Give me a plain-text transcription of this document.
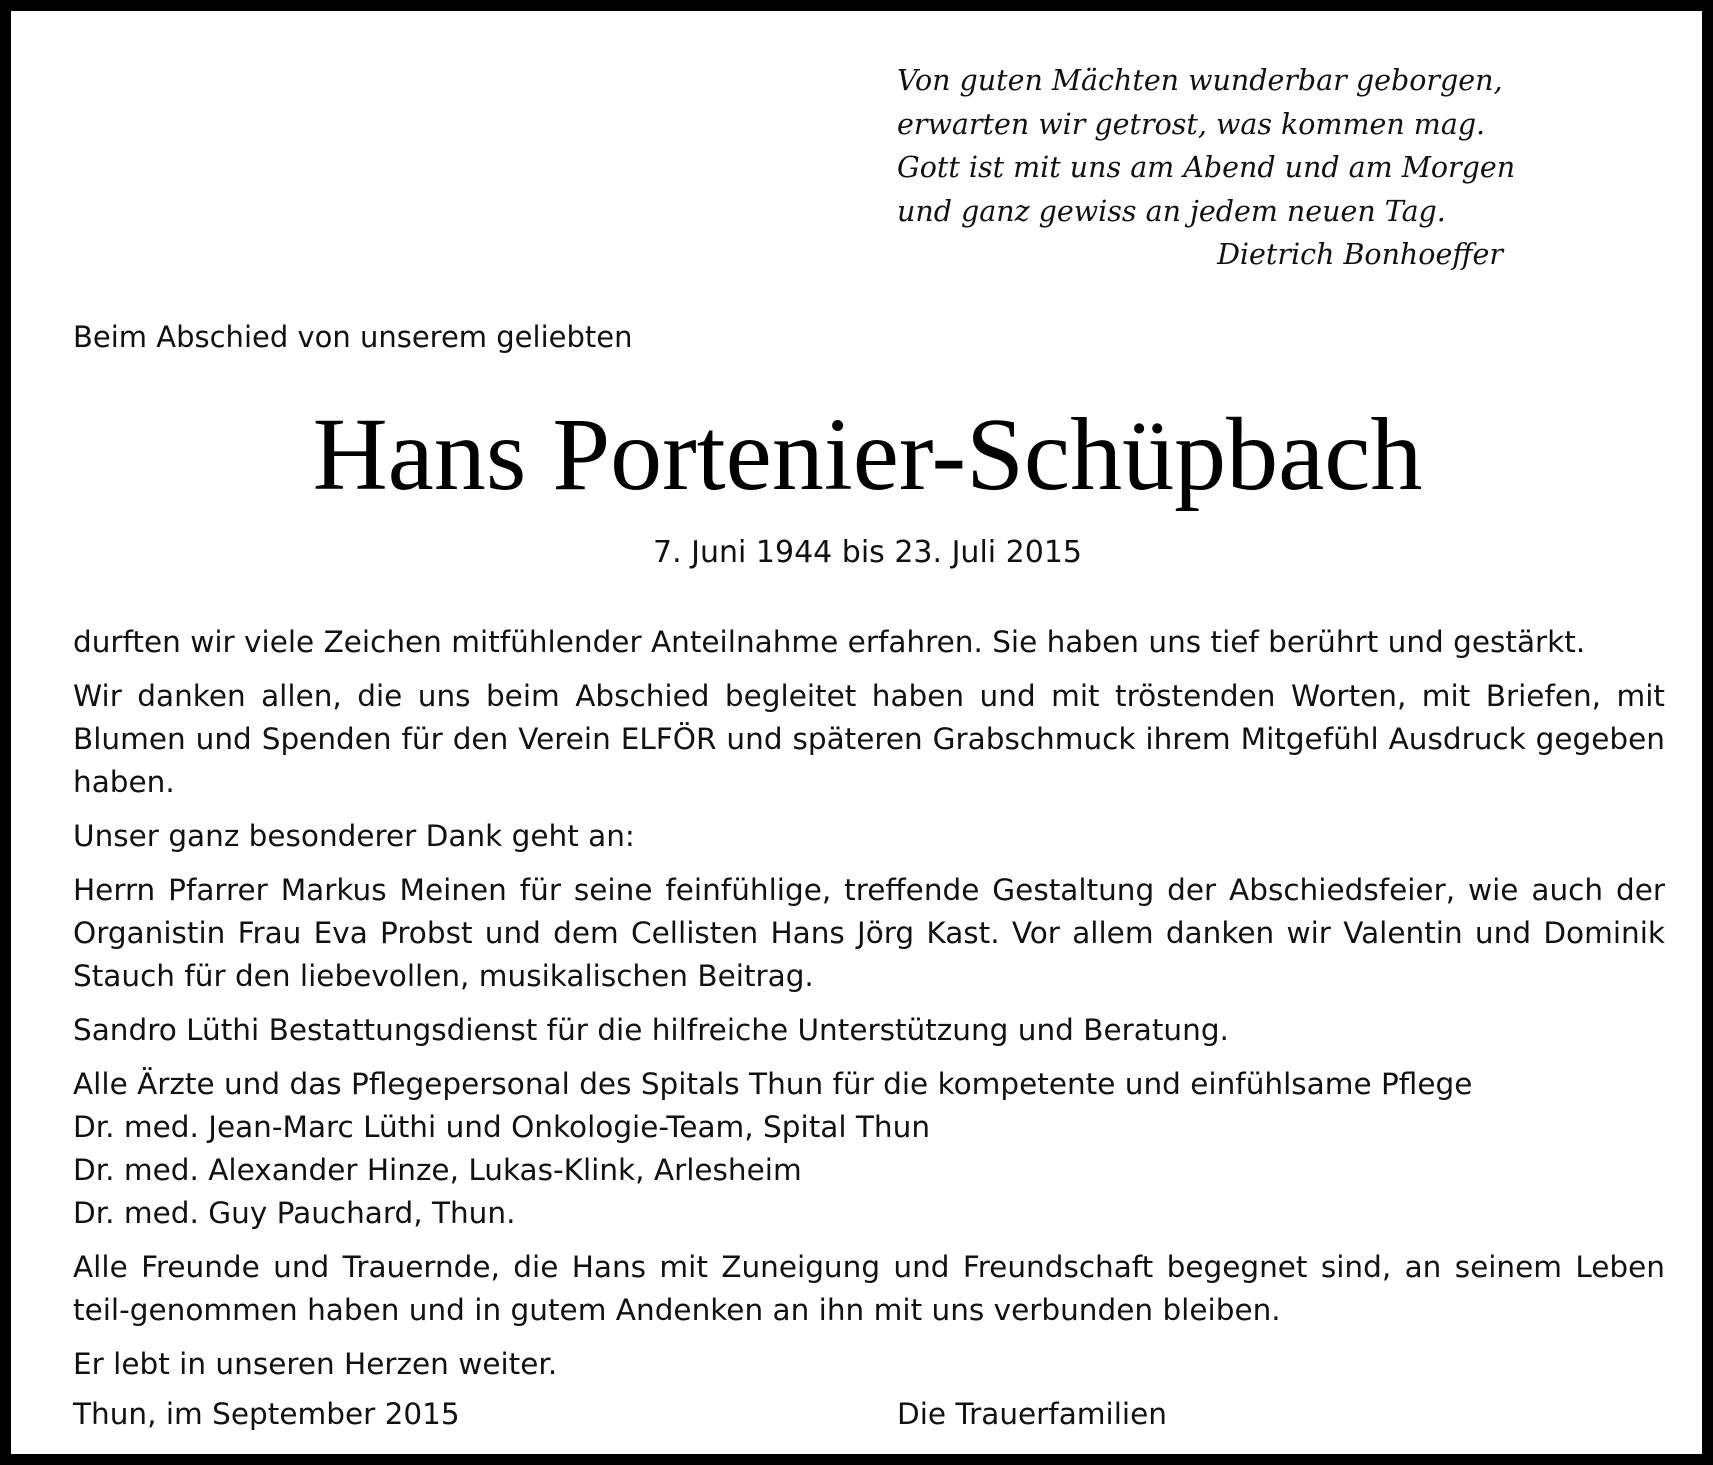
Von guten Mächten wunderbar geborgen,
erwarten wir getrost, was kommen mag.
Gott ist mit uns am Abend und am Morgen
und ganz gewiss an jedem neuen Tag.
Dietrich Bonhoeffer
Beim Abschied von unserem geliebten
Hans Portenier-Schüpbach
7. Juni 1944 bis 23. Juli 2015

durften wir viele Zeichen mitfühlender Anteilnahme erfahren. Sie haben uns tief berührt und gestärkt.

Wir danken allen, die uns beim Abschied begleitet haben und mit tröstenden Worten, mit Briefen, mit Blumen und Spenden für den Verein ELFÖR und späteren Grabschmuck ihrem Mitgefühl Ausdruck gegeben haben.

Unser ganz besonderer Dank geht an:

Herrn Pfarrer Markus Meinen für seine feinfühlige, treffende Gestaltung der Abschiedsfeier, wie auch der Organistin Frau Eva Probst und dem Cellisten Hans Jörg Kast. Vor allem danken wir Valentin und Dominik Stauch für den liebevollen, musikalischen Beitrag.

Sandro Lüthi Bestattungsdienst für die hilfreiche Unterstützung und Beratung.

Alle Ärzte und das Pflegepersonal des Spitals Thun für die kompetente und einfühlsame Pflege
Dr. med. Jean-Marc Lüthi und Onkologie-Team, Spital Thun
Dr. med. Alexander Hinze, Lukas-Klink, Arlesheim
Dr. med. Guy Pauchard, Thun.

Alle Freunde und Trauernde, die Hans mit Zuneigung und Freundschaft begegnet sind, an seinem Leben teil-genommen haben und in gutem Andenken an ihn mit uns verbunden bleiben.

Er lebt in unseren Herzen weiter.

Thun, im September 2015	Die Trauerfamilien
